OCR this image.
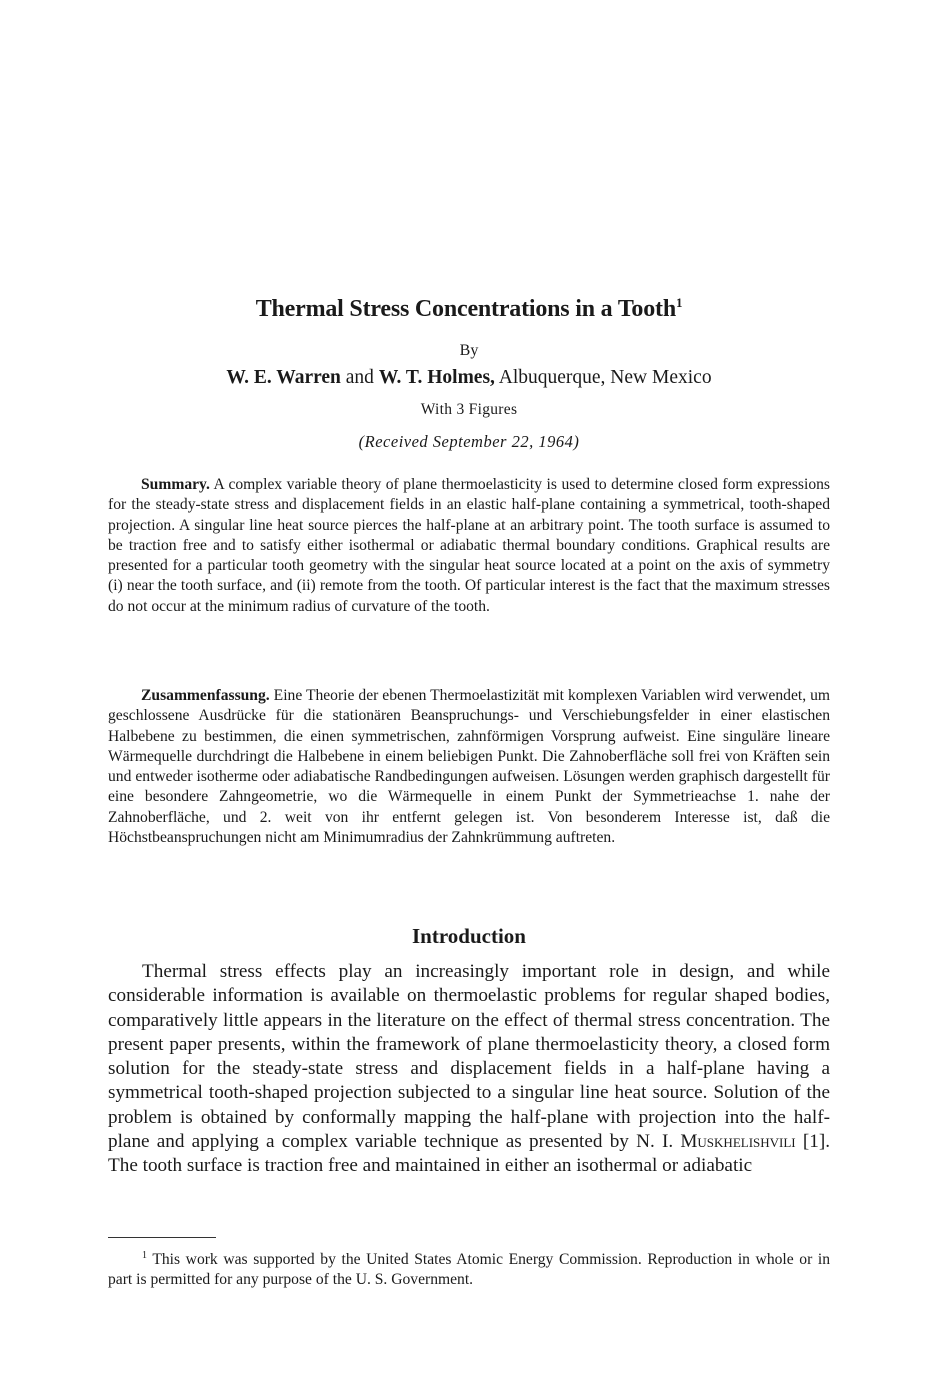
Thermal Stress Concentrations in a Tooth$^1$
By
W. E. Warren and W. T. Holmes, Albuquerque, New Mexico
With 3 Figures
(Received September 22, 1964)

Summary. A complex variable theory of plane thermoelasticity is used to determine closed form expressions for the steady-state stress and displacement fields in an elastic half-plane containing a symmetrical, tooth-shaped projection. A singular line heat source pierces the half-plane at an arbitrary point. The tooth surface is assumed to be traction free and to satisfy either isothermal or adiabatic thermal boundary conditions. Graphical results are presented for a particular tooth geometry with the singular heat source located at a point on the axis of symmetry (i) near the tooth surface, and (ii) remote from the tooth. Of particular interest is the fact that the maximum stresses do not occur at the minimum radius of curvature of the tooth.

Zusammenfassung. Eine Theorie der ebenen Thermoelastizität mit komplexen Variablen wird verwendet, um geschlossene Ausdrücke für die stationären Beanspruchungs- und Verschiebungsfelder in einer elastischen Halbebene zu bestimmen, die einen symmetrischen, zahnförmigen Vorsprung aufweist. Eine singuläre lineare Wärmequelle durchdringt die Halbebene in einem beliebigen Punkt. Die Zahnoberfläche soll frei von Kräften sein und entweder isotherme oder adiabatische Randbedingungen aufweisen. Lösungen werden graphisch dargestellt für eine besondere Zahngeometrie, wo die Wärmequelle in einem Punkt der Symmetrieachse 1. nahe der Zahnoberfläche, und 2. weit von ihr entfernt gelegen ist. Von besonderem Interesse ist, daß die Höchstbeanspruchungen nicht am Minimumradius der Zahnkrümmung auftreten.

Introduction

Thermal stress effects play an increasingly important role in design, and while considerable information is available on thermoelastic problems for regular shaped bodies, comparatively little appears in the literature on the effect of thermal stress concentration. The present paper presents, within the framework of plane thermoelasticity theory, a closed form solution for the steady-state stress and displacement fields in a half-plane having a symmetrical tooth-shaped projection subjected to a singular line heat source. Solution of the problem is obtained by conformally mapping the half-plane with projection into the half-plane and applying a complex variable technique as presented by N. I. Muskhelishvili [1]. The tooth surface is traction free and maintained in either an isothermal or adiabatic

$^1$ This work was supported by the United States Atomic Energy Commission. Reproduction in whole or in part is permitted for any purpose of the U. S. Government.
